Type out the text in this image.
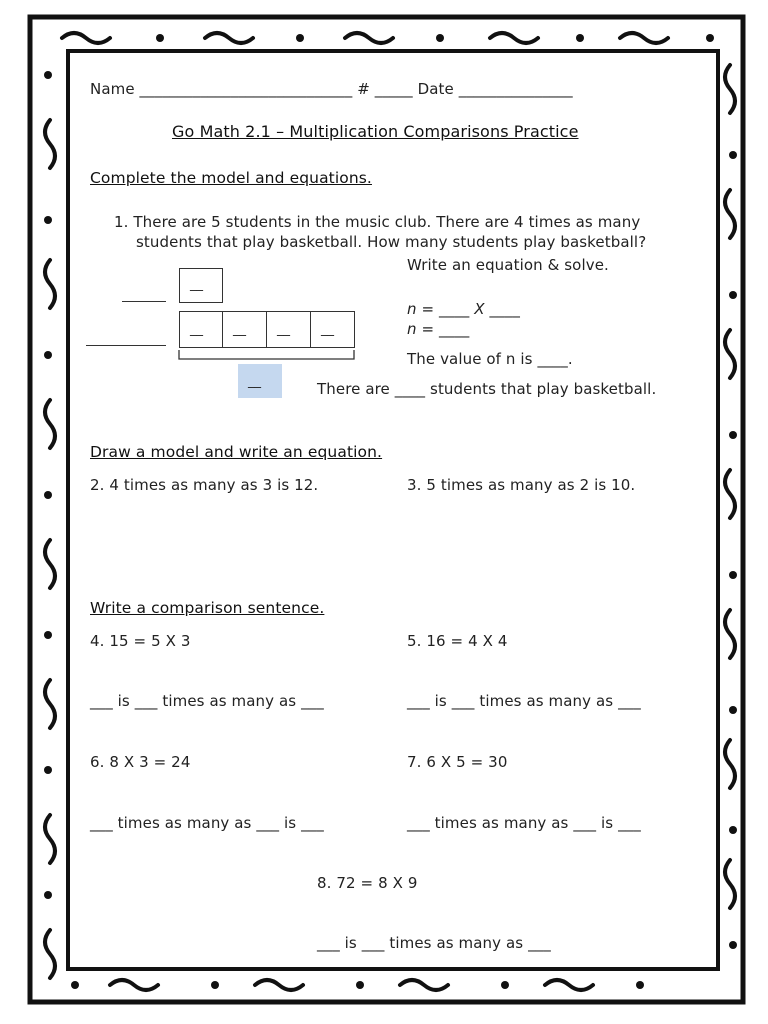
Name ____________________________ # _____ Date _______________
Go Math 2.1 – Multiplication Comparisons Practice
Complete the model and equations.
1. There are 5 students in the music club. There are 4 times as many
students that play basketball. How many students play basketball?
Write an equation & solve.
__
__ __ __ __
__
n = ____ X ____
n = ____
The value of n is ____.
There are ____ students that play basketball.
Draw a model and write an equation.
2. 4 times as many as 3 is 12.	3. 5 times as many as 2 is 10.
Write a comparison sentence.
4. 15 = 5 X 3	5. 16 = 4 X 4
___ is ___ times as many as ___	___ is ___ times as many as ___
6. 8 X 3 = 24	7. 6 X 5 = 30
___ times as many as ___ is ___	___ times as many as ___ is ___
8. 72 = 8 X 9
___ is ___ times as many as ___
